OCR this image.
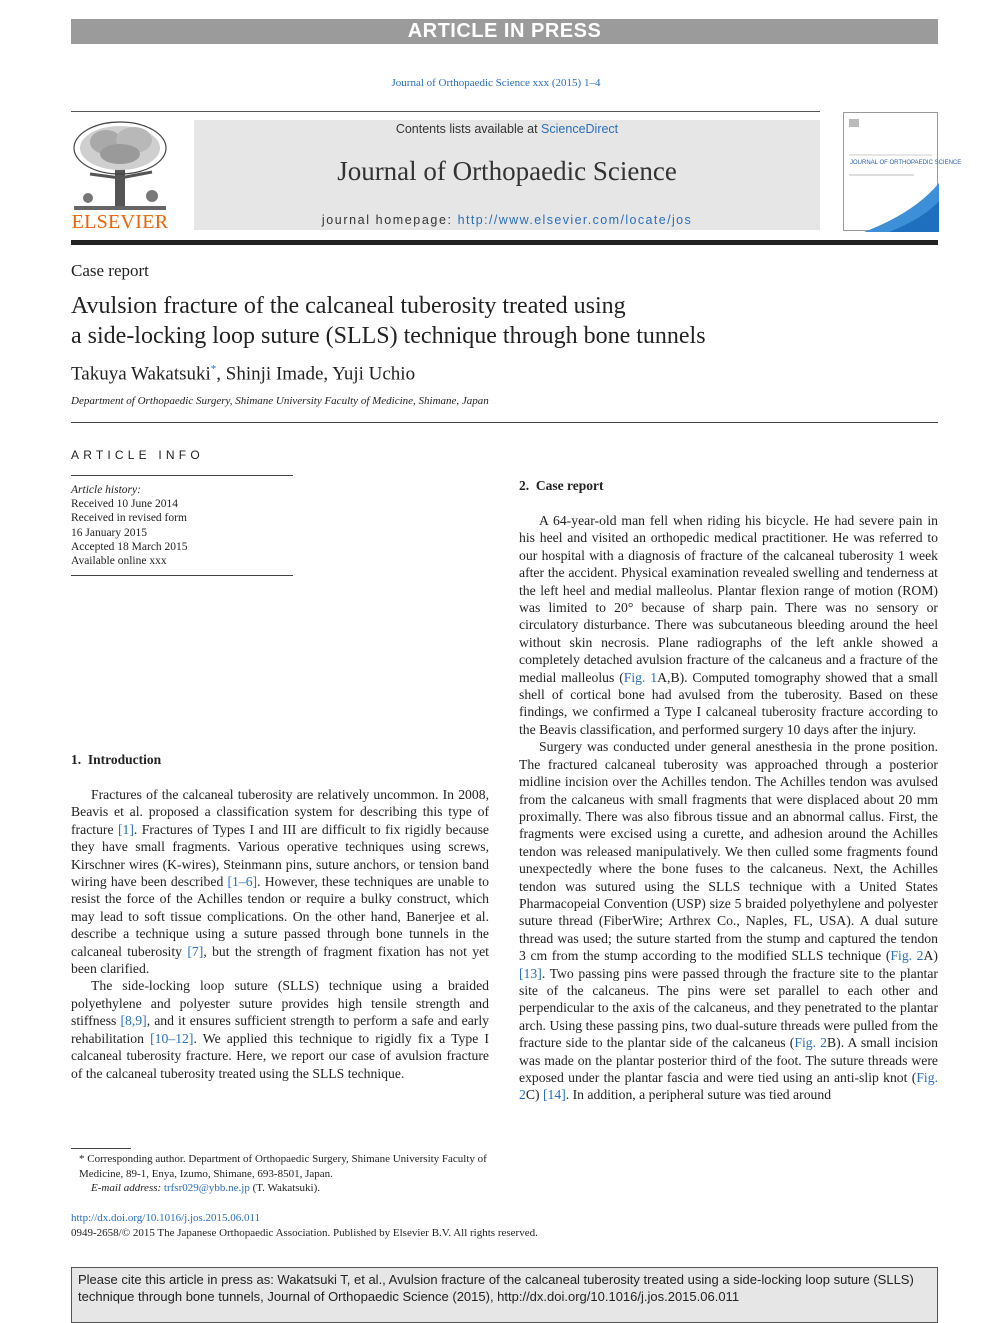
ARTICLE IN PRESS
Journal of Orthopaedic Science xxx (2015) 1–4
ELSEVIER
Contents lists available at ScienceDirect
Journal of Orthopaedic Science
journal homepage: http://www.elsevier.com/locate/jos
JOURNAL OF ORTHOPAEDIC SCIENCE
Case report
Avulsion fracture of the calcaneal tuberosity treated using
a side-locking loop suture (SLLS) technique through bone tunnels
Takuya Wakatsuki*, Shinji Imade, Yuji Uchio
Department of Orthopaedic Surgery, Shimane University Faculty of Medicine, Shimane, Japan
ARTICLE INFO
Article history:
Received 10 June 2014
Received in revised form
16 January 2015
Accepted 18 March 2015
Available online xxx
1. Introduction

Fractures of the calcaneal tuberosity are relatively uncommon. In 2008, Beavis et al. proposed a classification system for describing this type of fracture [1]. Fractures of Types I and III are difficult to fix rigidly because they have small fragments. Various operative techniques using screws, Kirschner wires (K-wires), Steinmann pins, suture anchors, or tension band wiring have been described [1–6]. However, these techniques are unable to resist the force of the Achilles tendon or require a bulky construct, which may lead to soft tissue complications. On the other hand, Banerjee et al. describe a technique using a suture passed through bone tunnels in the calcaneal tuberosity [7], but the strength of fragment fixation has not yet been clarified.

The side-locking loop suture (SLLS) technique using a braided polyethylene and polyester suture provides high tensile strength and stiffness [8,9], and it ensures sufficient strength to perform a safe and early rehabilitation [10–12]. We applied this technique to rigidly fix a Type I calcaneal tuberosity fracture. Here, we report our case of avulsion fracture of the calcaneal tuberosity treated using the SLLS technique.

2. Case report

A 64-year-old man fell when riding his bicycle. He had severe pain in his heel and visited an orthopedic medical practitioner. He was referred to our hospital with a diagnosis of fracture of the calcaneal tuberosity 1 week after the accident. Physical examination revealed swelling and tenderness at the left heel and medial malleolus. Plantar flexion range of motion (ROM) was limited to 20° because of sharp pain. There was no sensory or circulatory disturbance. There was subcutaneous bleeding around the heel without skin necrosis. Plane radiographs of the left ankle showed a completely detached avulsion fracture of the calcaneus and a fracture of the medial malleolus (Fig. 1A,B). Computed tomography showed that a small shell of cortical bone had avulsed from the tuberosity. Based on these findings, we confirmed a Type I calcaneal tuberosity fracture according to the Beavis classification, and performed surgery 10 days after the injury.

Surgery was conducted under general anesthesia in the prone position. The fractured calcaneal tuberosity was approached through a posterior midline incision over the Achilles tendon. The Achilles tendon was avulsed from the calcaneus with small fragments that were displaced about 20 mm proximally. There was also fibrous tissue and an abnormal callus. First, the fragments were excised using a curette, and adhesion around the Achilles tendon was released manipulatively. We then culled some fragments found unexpectedly where the bone fuses to the calcaneus. Next, the Achilles tendon was sutured using the SLLS technique with a United States Pharmacopeial Convention (USP) size 5 braided polyethylene and polyester suture thread (FiberWire; Arthrex Co., Naples, FL, USA). A dual suture thread was used; the suture started from the stump and captured the tendon 3 cm from the stump according to the modified SLLS technique (Fig. 2A) [13]. Two passing pins were passed through the fracture site to the plantar site of the calcaneus. The pins were set parallel to each other and perpendicular to the axis of the calcaneus, and they penetrated to the plantar arch. Using these passing pins, two dual-suture threads were pulled from the fracture side to the plantar side of the calcaneus (Fig. 2B). A small incision was made on the plantar posterior third of the foot. The suture threads were exposed under the plantar fascia and were tied using an anti-slip knot (Fig. 2C) [14]. In addition, a peripheral suture was tied around

* Corresponding author. Department of Orthopaedic Surgery, Shimane University Faculty of Medicine, 89-1, Enya, Izumo, Shimane, 693-8501, Japan.
E-mail address: trfsr029@ybb.ne.jp (T. Wakatsuki).
http://dx.doi.org/10.1016/j.jos.2015.06.011
0949-2658/© 2015 The Japanese Orthopaedic Association. Published by Elsevier B.V. All rights reserved.
Please cite this article in press as: Wakatsuki T, et al., Avulsion fracture of the calcaneal tuberosity treated using a side-locking loop suture (SLLS) technique through bone tunnels, Journal of Orthopaedic Science (2015), http://dx.doi.org/10.1016/j.jos.2015.06.011
